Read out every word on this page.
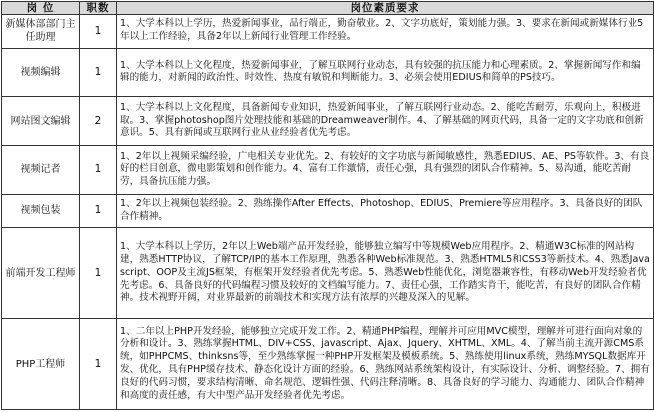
岗 位	职数	岗位素质要求
新媒体部部门主任助理	1	1、大学本科以上学历，热爱新闻事业，品行端正，勤奋敬业。2、文字功底好，策划能力强。3、要求在新闻或新媒体行业5年以上工作经验，具备2年以上新闻行业管理工作经验。
视频编辑	1	1、大学本科以上文化程度，热爱新闻事业，了解互联网行业动态，具有较强的抗压能力和心理素质。2、掌握新闻写作和编辑的能力，对新闻的政治性、时效性、热度有敏锐和判断能力。3、必须会使用EDIUS和简单的PS技巧。
网站图文编辑	2	1、大学本科以上文化程度，具备新闻专业知识，热爱新闻事业，了解互联网行业动态。2、能吃苦耐劳，乐观向上，积极进取。3、掌握photoshop图片处理技能和基础的Dreamweaver制作。4、了解基础的网页代码，具备一定的文字功底和创新意识。5、具有新闻或互联网行业从业经验者优先考虑。
视频记者	1	1、2年以上视频采编经验，广电相关专业优先。2、有较好的文字功底与新闻敏感性，熟悉EDIUS、AE、PS等软件。3、有良好的栏目创意，微电影策划和创作能力。4、富有工作激情，责任心强，具有强烈的团队合作精神。5、易沟通，能吃苦耐劳，具备抗压能力强。
视频包装	1	1、2年以上视频包装经验。2、熟练操作After Effects、Photoshop、EDIUS、Premiere等应用程序。3、具备良好的团队合作精神。
前端开发工程师	1	1、大学本科以上学历，2年以上Web端产品开发经验，能够独立编写中等规模Web应用程序。2、精通W3C标准的网站构建，熟悉HTTP协议，了解TCP/IP的基本工作原理，熟悉各种Web标准规范。3、熟悉HTML5和CSS3等新技术。4、熟悉Javascript、OOP及主流JS框架，有框架开发经验者优先考虑。5、熟悉Web性能优化，浏览器兼容性，有移动Web开发经验者优先考虑。6、具备良好的代码编程习惯及较好的文档编写能力。7、责任心强，工作踏实肯干，能吃苦，有良好的团队合作精神。技术视野开阔，对业界最新的前端技术和实现方法有浓厚的兴趣及深入的见解。
PHP工程师	1	1、二年以上PHP开发经验，能够独立完成开发工作。2、精通PHP编程，理解并可应用MVC模型，理解并可进行面向对象的分析和设计。3、熟练掌握HTML、DIV+CSS、javascript、Ajax、Jquery、XHTML、XML。4、了解当前主流开源CMS系统，如PHPCMS、thinksns等，至少熟练掌握一种PHP开发框架及模板系统。5、熟练使用linux系统，熟练MYSQL数据库开发、优化，具有PHP缓存技术、静态化设计方面的经验。6、熟练网站系统架构设计，有实际设计、分析、调整经验。7、拥有良好的代码习惯，要求结构清晰、命名规范、逻辑性强、代码注释清晰。8、具备良好的学习能力、沟通能力、团队合作精神和高度的责任感，有大中型产品开发经验者优先考虑。
